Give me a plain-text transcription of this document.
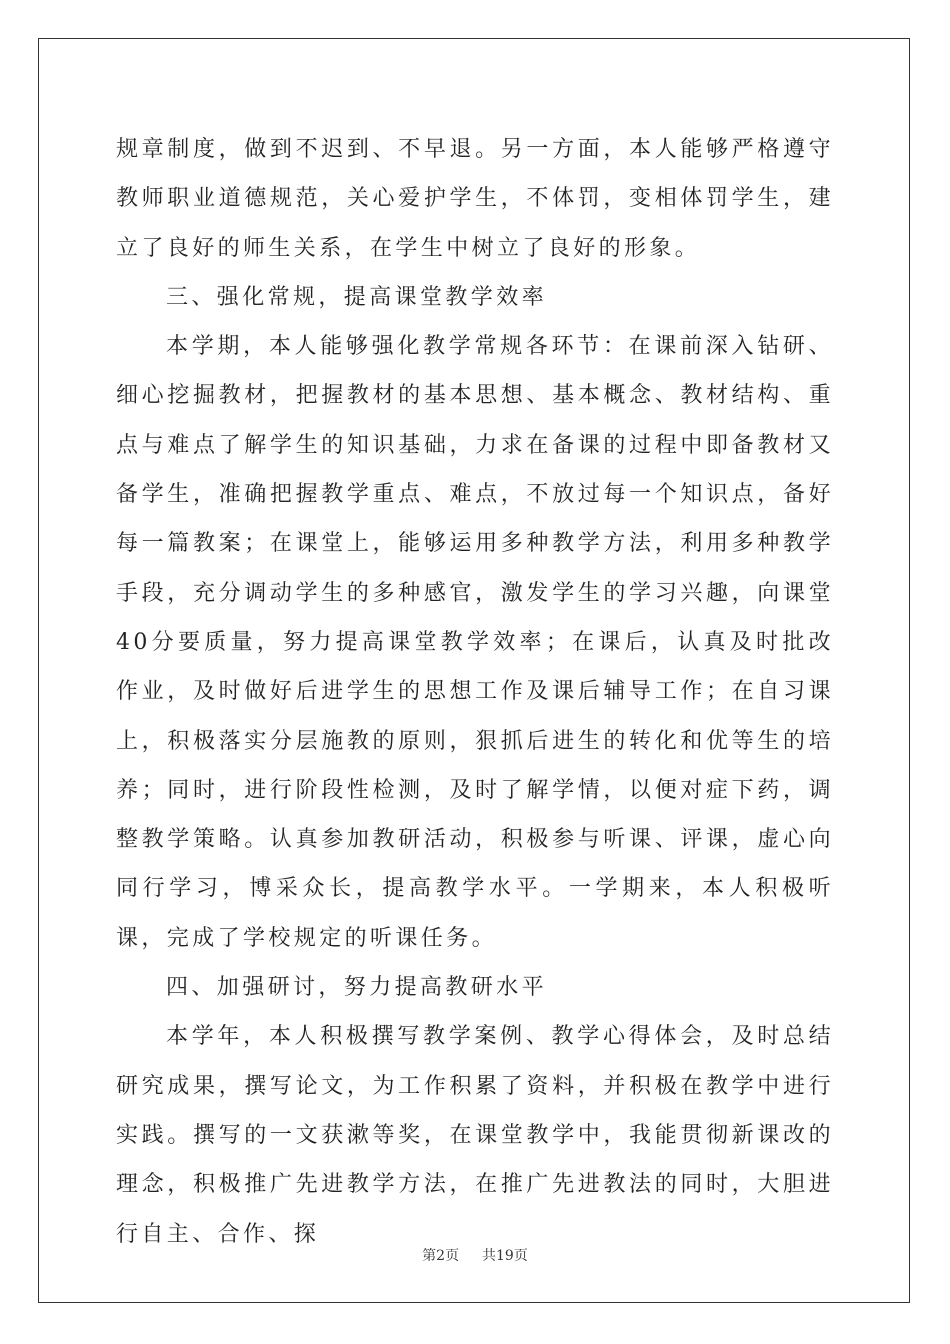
规章制度，做到不迟到、不早退。另一方面，本人能够严格遵守教师职业道德规范，关心爱护学生，不体罚，变相体罚学生，建立了良好的师生关系，在学生中树立了良好的形象。

三、强化常规，提高课堂教学效率

本学期，本人能够强化教学常规各环节：在课前深入钻研、细心挖掘教材，把握教材的基本思想、基本概念、教材结构、重点与难点了解学生的知识基础，力求在备课的过程中即备教材又备学生，准确把握教学重点、难点，不放过每一个知识点，备好每一篇教案；在课堂上，能够运用多种教学方法，利用多种教学手段，充分调动学生的多种感官，激发学生的学习兴趣，向课堂40分要质量，努力提高课堂教学效率；在课后，认真及时批改作业，及时做好后进学生的思想工作及课后辅导工作；在自习课上，积极落实分层施教的原则，狠抓后进生的转化和优等生的培养；同时，进行阶段性检测，及时了解学情，以便对症下药，调整教学策略。认真参加教研活动，积极参与听课、评课，虚心向同行学习，博采众长，提高教学水平。一学期来，本人积极听课，完成了学校规定的听课任务。

四、加强研讨，努力提高教研水平

本学年，本人积极撰写教学案例、教学心得体会，及时总结研究成果，撰写论文，为工作积累了资料，并积极在教学中进行实践。撰写的一文获漱等奖，在课堂教学中，我能贯彻新课改的理念，积极推广先进教学方法，在推广先进教法的同时，大胆进行自主、合作、探

第2页 共19页
